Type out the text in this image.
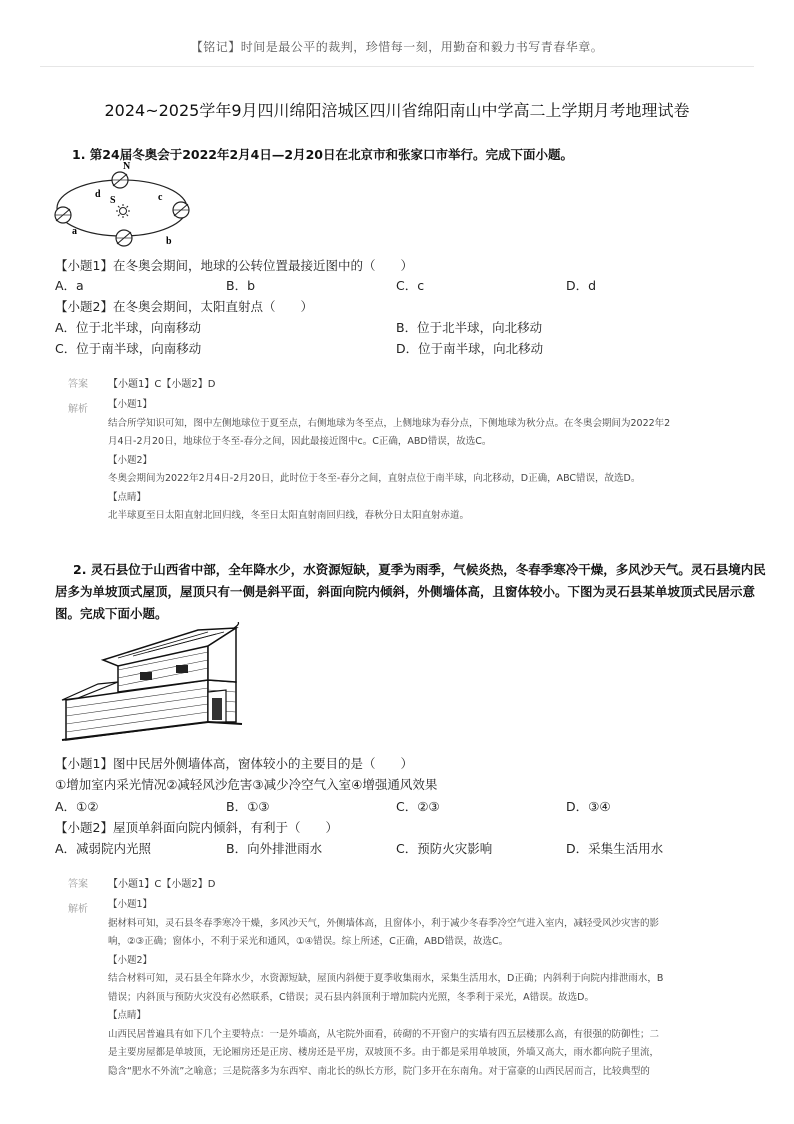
【铭记】时间是最公平的裁判，珍惜每一刻，用勤奋和毅力书写青春华章。
2024~2025学年9月四川绵阳涪城区四川省绵阳南山中学高二上学期月考地理试卷
1. 第24届冬奥会于2022年2月4日—2月20日在北京市和张家口市举行。完成下面小题。
N
S
a
b
c
d
【小题1】在冬奥会期间，地球的公转位置最接近图中的（　　）
A．a	B．b	C．c	D．d
【小题2】在冬奥会期间，太阳直射点（　　）
A．位于北半球，向南移动	B．位于北半球，向北移动
C．位于南半球，向南移动	D．位于南半球，向北移动
答案 【小题1】C【小题2】D
解析 【小题1】
结合所学知识可知，图中左侧地球位于夏至点，右侧地球为冬至点，上侧地球为春分点，下侧地球为秋分点。在冬奥会期间为2022年2
月4日-2月20日，地球位于冬至-春分之间，因此最接近图中c。C正确，ABD错误，故选C。
【小题2】
冬奥会期间为2022年2月4日-2月20日，此时位于冬至-春分之间，直射点位于南半球，向北移动，D正确，ABC错误，故选D。
【点睛】
北半球夏至日太阳直射北回归线，冬至日太阳直射南回归线，春秋分日太阳直射赤道。
2. 灵石县位于山西省中部，全年降水少，水资源短缺，夏季为雨季，气候炎热，冬春季寒冷干燥，多风沙天气。灵石县境内民
居多为单坡顶式屋顶，屋顶只有一侧是斜平面，斜面向院内倾斜，外侧墙体高，且窗体较小。下图为灵石县某单坡顶式民居示意
图。完成下面小题。
【小题1】图中民居外侧墙体高，窗体较小的主要目的是（　　）
①增加室内采光情况②减轻风沙危害③减少冷空气入室④增强通风效果
A．①②	B．①③	C．②③	D．③④
【小题2】屋顶单斜面向院内倾斜，有利于（　　）
A．减弱院内光照	B．向外排泄雨水	C．预防火灾影响	D．采集生活用水
答案 【小题1】C【小题2】D
解析 【小题1】
据材料可知，灵石县冬春季寒冷干燥，多风沙天气，外侧墙体高，且窗体小，利于减少冬春季冷空气进入室内，减轻受风沙灾害的影
响，②③正确；窗体小，不利于采光和通风，①④错误。综上所述，C正确，ABD错误，故选C。
【小题2】
结合材料可知，灵石县全年降水少，水资源短缺，屋顶内斜便于夏季收集雨水，采集生活用水，D正确；内斜利于向院内排泄雨水，B
错误；内斜顶与预防火灾没有必然联系，C错误；灵石县内斜顶利于增加院内光照，冬季利于采光，A错误。故选D。
【点睛】
山西民居普遍具有如下几个主要特点：一是外墙高，从宅院外面看，砖砌的不开窗户的实墙有四五层楼那么高，有很强的防御性；二
是主要房屋都是单坡顶，无论厢房还是正房、楼房还是平房，双坡顶不多。由于都是采用单坡顶，外墙又高大，雨水都向院子里流，
隐含“肥水不外流”之喻意；三是院落多为东西窄、南北长的纵长方形，院门多开在东南角。对于富豪的山西民居而言，比较典型的
